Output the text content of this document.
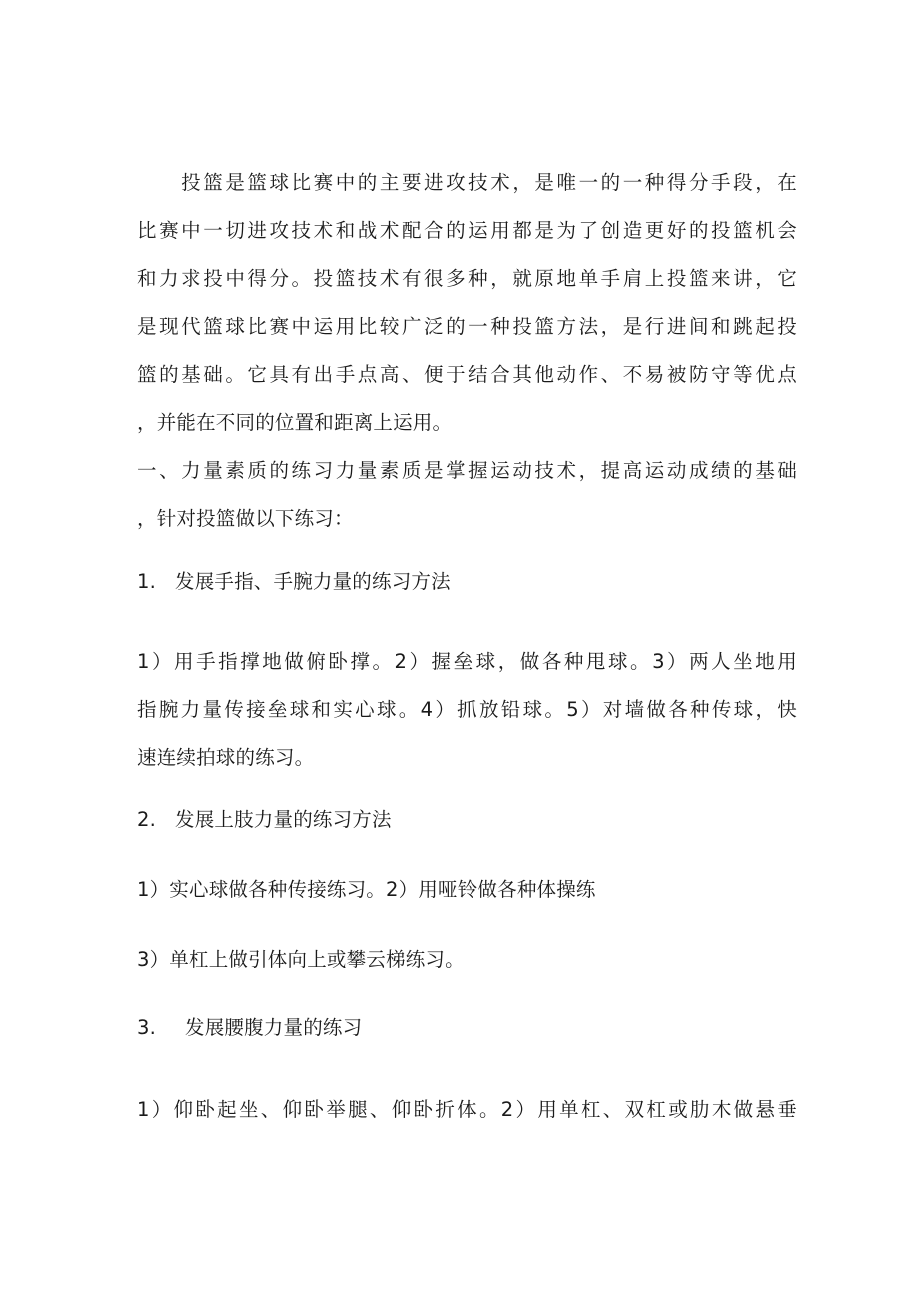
　　投篮是篮球比赛中的主要进攻技术，是唯一的一种得分手段，在
比赛中一切进攻技术和战术配合的运用都是为了创造更好的投篮机会
和力求投中得分。投篮技术有很多种，就原地单手肩上投篮来讲，它
是现代篮球比赛中运用比较广泛的一种投篮方法，是行进间和跳起投
篮的基础。它具有出手点高、便于结合其他动作、不易被防守等优点
，并能在不同的位置和距离上运用。
一、力量素质的练习力量素质是掌握运动技术，提高运动成绩的基础
，针对投篮做以下练习：
1. 发展手指、手腕力量的练习方法
1）用手指撑地做俯卧撑。2）握垒球，做各种甩球。3）两人坐地用
指腕力量传接垒球和实心球。4）抓放铅球。5）对墙做各种传球，快
速连续拍球的练习。
2. 发展上肢力量的练习方法
1）实心球做各种传接练习。2）用哑铃做各种体操练
3）单杠上做引体向上或攀云梯练习。
3. 发展腰腹力量的练习
1）仰卧起坐、仰卧举腿、仰卧折体。2）用单杠、双杠或肋木做悬垂
